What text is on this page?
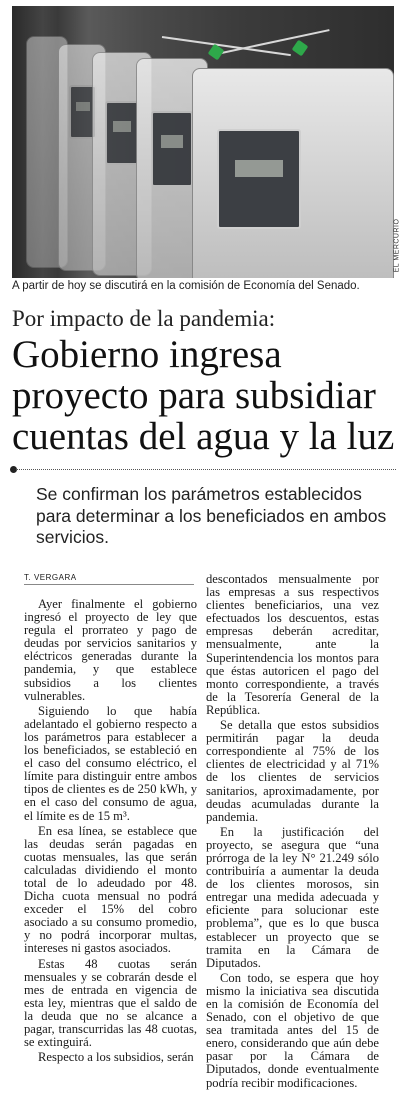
EL MERCURIO
A partir de hoy se discutirá en la comisión de Economía del Senado.
Por impacto de la pandemia:
Gobierno ingresa proyecto para subsidiar cuentas del agua y la luz
Se confirman los parámetros establecidos para determinar a los beneficiados en ambos servicios.
T. VERGARA

Ayer finalmente el gobierno ingresó el proyecto de ley que regula el prorrateo y pago de deudas por servicios sanitarios y eléctricos generadas durante la pandemia, y que establece subsidios a los clientes vulnerables.

Siguiendo lo que había adelantado el gobierno respecto a los parámetros para establecer a los beneficiados, se estableció en el caso del consumo eléctrico, el límite para distinguir entre ambos tipos de clientes es de 250 kWh, y en el caso del consumo de agua, el límite es de 15 m³.

En esa línea, se establece que las deudas serán pagadas en cuotas mensuales, las que serán calculadas dividiendo el monto total de lo adeudado por 48. Dicha cuota mensual no podrá exceder el 15% del cobro asociado a su consumo promedio, y no podrá incorporar multas, intereses ni gastos asociados.

Estas 48 cuotas serán mensuales y se cobrarán desde el mes de entrada en vigencia de esta ley, mientras que el saldo de la deuda que no se alcance a pagar, transcurridas las 48 cuotas, se extinguirá.

Respecto a los subsidios, serán

descontados mensualmente por las empresas a sus respectivos clientes beneficiarios, una vez efectuados los descuentos, estas empresas deberán acreditar, mensualmente, ante la Superintendencia los montos para que éstas autoricen el pago del monto correspondiente, a través de la Tesorería General de la República.

Se detalla que estos subsidios permitirán pagar la deuda correspondiente al 75% de los clientes de electricidad y al 71% de los clientes de servicios sanitarios, aproximadamente, por deudas acumuladas durante la pandemia.

En la justificación del proyecto, se asegura que “una prórroga de la ley N° 21.249 sólo contribuiría a aumentar la deuda de los clientes morosos, sin entregar una medida adecuada y eficiente para solucionar este problema”, que es lo que busca establecer un proyecto que se tramita en la Cámara de Diputados.

Con todo, se espera que hoy mismo la iniciativa sea discutida en la comisión de Economía del Senado, con el objetivo de que sea tramitada antes del 15 de enero, considerando que aún debe pasar por la Cámara de Diputados, donde eventualmente podría recibir modificaciones.
